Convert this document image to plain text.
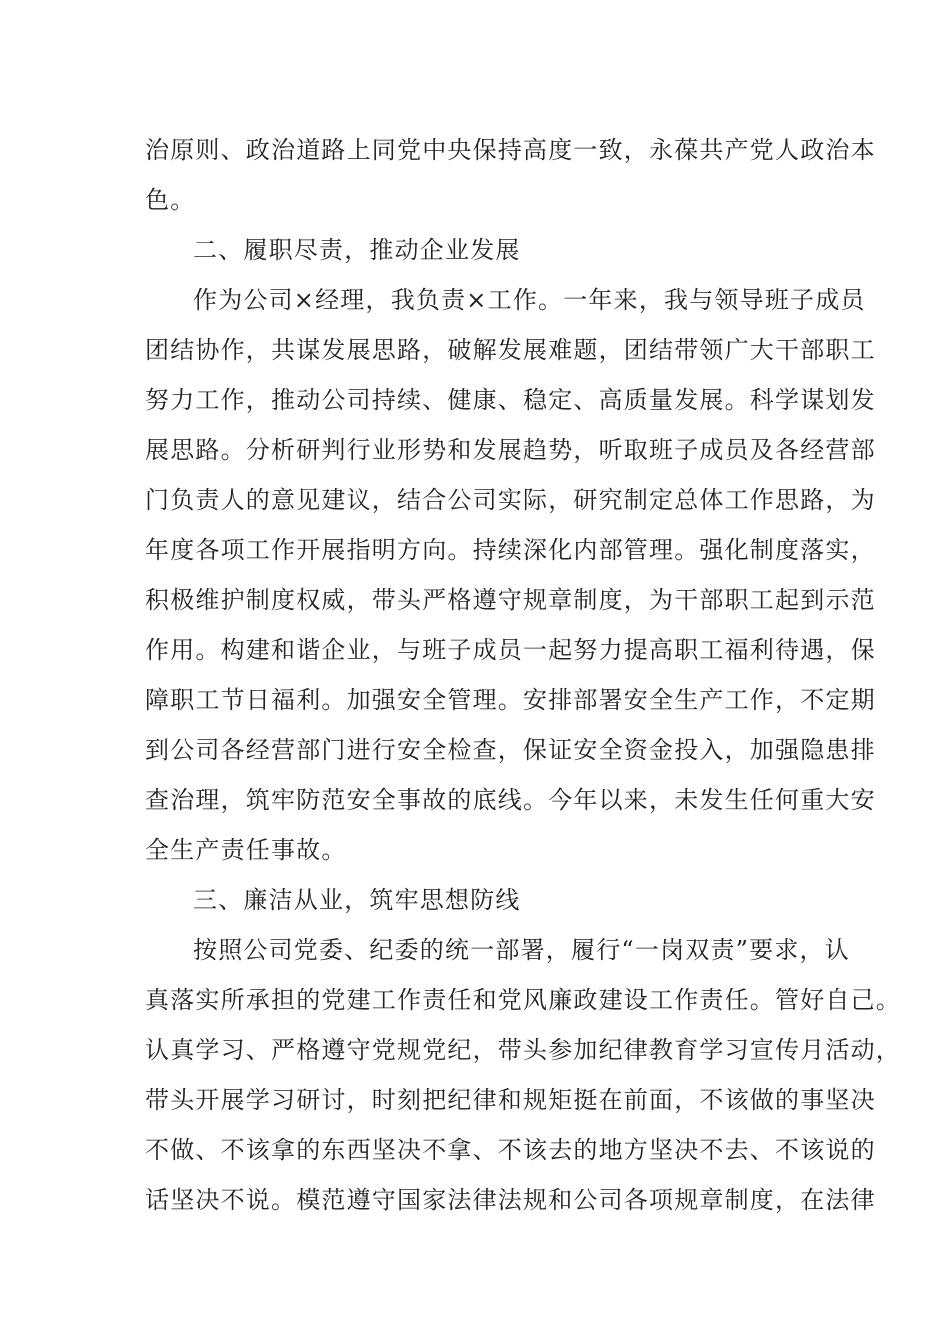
治原则、政治道路上同党中央保持高度一致，永葆共产党人政治本
色。
二、履职尽责，推动企业发展
作为公司×经理，我负责×工作。一年来，我与领导班子成员
团结协作，共谋发展思路，破解发展难题，团结带领广大干部职工
努力工作，推动公司持续、健康、稳定、高质量发展。科学谋划发
展思路。分析研判行业形势和发展趋势，听取班子成员及各经营部
门负责人的意见建议，结合公司实际，研究制定总体工作思路，为
年度各项工作开展指明方向。持续深化内部管理。强化制度落实，
积极维护制度权威，带头严格遵守规章制度，为干部职工起到示范
作用。构建和谐企业，与班子成员一起努力提高职工福利待遇，保
障职工节日福利。加强安全管理。安排部署安全生产工作，不定期
到公司各经营部门进行安全检查，保证安全资金投入，加强隐患排
查治理，筑牢防范安全事故的底线。今年以来，未发生任何重大安
全生产责任事故。
三、廉洁从业，筑牢思想防线
按照公司党委、纪委的统一部署，履行“一岗双责”要求，认
真落实所承担的党建工作责任和党风廉政建设工作责任。管好自己。
认真学习、严格遵守党规党纪，带头参加纪律教育学习宣传月活动，
带头开展学习研讨，时刻把纪律和规矩挺在前面，不该做的事坚决
不做、不该拿的东西坚决不拿、不该去的地方坚决不去、不该说的
话坚决不说。模范遵守国家法律法规和公司各项规章制度，在法律
